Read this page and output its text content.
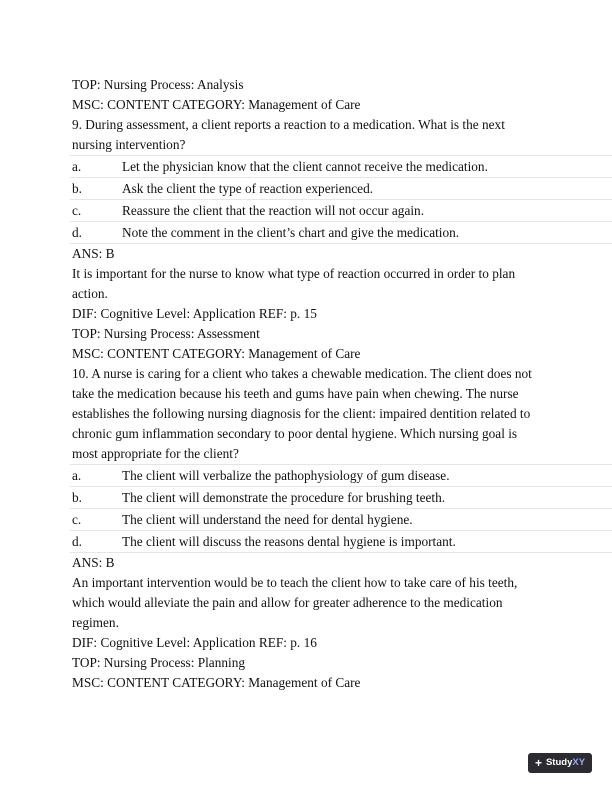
TOP: Nursing Process: Analysis

MSC: CONTENT CATEGORY: Management of Care

9. During assessment, a client reports a reaction to a medication. What is the next nursing intervention?

a.	Let the physician know that the client cannot receive the medication.
b.	Ask the client the type of reaction experienced.
c.	Reassure the client that the reaction will not occur again.
d.	Note the comment in the client’s chart and give the medication.

ANS: B

It is important for the nurse to know what type of reaction occurred in order to plan action.

DIF: Cognitive Level: Application REF: p. 15

TOP: Nursing Process: Assessment

MSC: CONTENT CATEGORY: Management of Care

10. A nurse is caring for a client who takes a chewable medication. The client does not take the medication because his teeth and gums have pain when chewing. The nurse establishes the following nursing diagnosis for the client: impaired dentition related to chronic gum inflammation secondary to poor dental hygiene. Which nursing goal is most appropriate for the client?

a.	The client will verbalize the pathophysiology of gum disease.
b.	The client will demonstrate the procedure for brushing teeth.
c.	The client will understand the need for dental hygiene.
d.	The client will discuss the reasons dental hygiene is important.

ANS: B

An important intervention would be to teach the client how to take care of his teeth, which would alleviate the pain and allow for greater adherence to the medication regimen.

DIF: Cognitive Level: Application REF: p. 16

TOP: Nursing Process: Planning

MSC: CONTENT CATEGORY: Management of Care

+ StudyXY
